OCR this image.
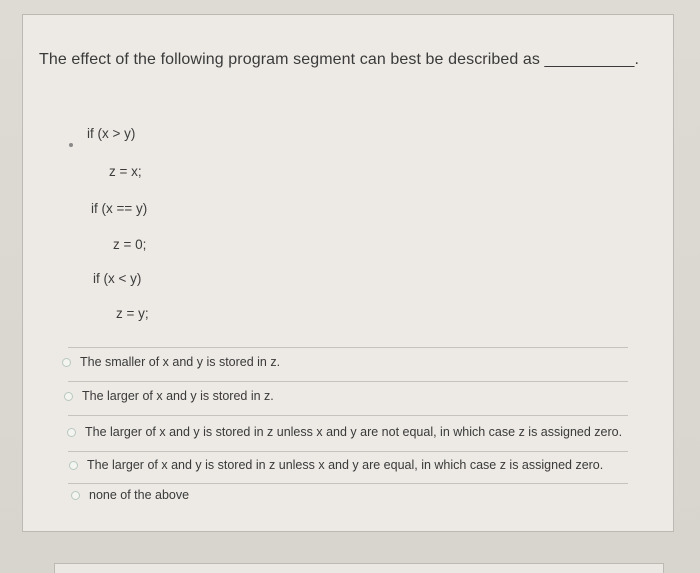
The effect of the following program segment can best be described as __________.
if (x > y)
z = x;
if (x == y)
z = 0;
if (x < y)
z = y;
The smaller of x and y is stored in z.
The larger of x and y is stored in z.
The larger of x and y is stored in z unless x and y are not equal, in which case z is assigned zero.
The larger of x and y is stored in z unless x and y are equal, in which case z is assigned zero.
none of the above
